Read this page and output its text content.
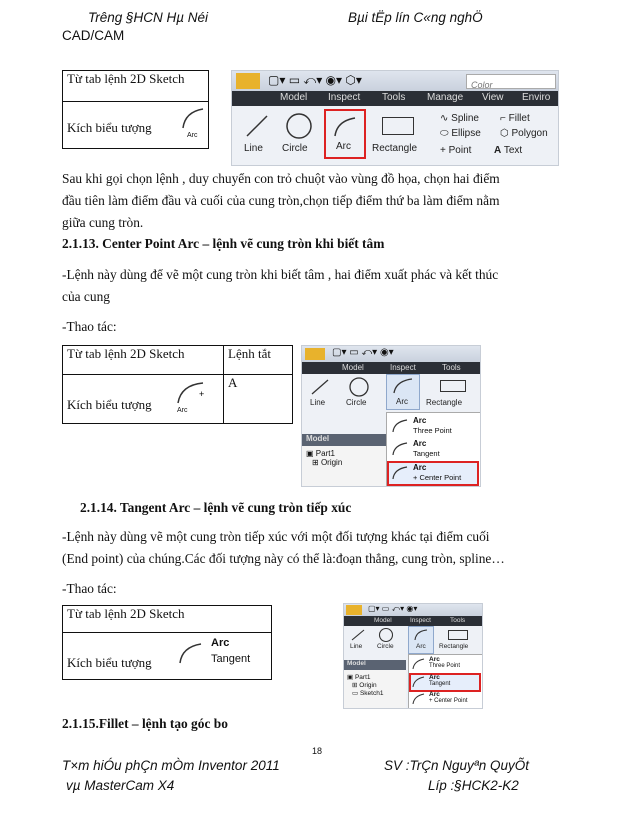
Trêng §HCN Hµ Néi
CAD/CAM
Bµi tËp lín C«ng nghÖ
Từ tab lệnh 2D Sketch

Kích biểu tượng
Arc
▢▾ ▭ ⤺▾ ◉▾ ⬡▾	Color
Model Inspect Tools Manage View Enviro
Line Circle	Arc Rectangle
∿ Spline ⌐ Fillet
⬭ Ellipse ⬡ Polygon
+ Point A Text
Sau khi gọi chọn lệnh , duy chuyển con trỏ chuột vào vùng đồ họa, chọn hai điểm
đầu tiên làm điểm đầu và cuối của cung tròn,chọn tiếp điểm thứ ba làm điểm nằm
giữa cung tròn.
2.1.13. Center Point Arc – lệnh vẽ cung tròn khi biết tâm
-Lệnh này dùng để vẽ một cung tròn khi biết tâm , hai điểm xuất phác và kết thúc
của cung
-Thao tác:
Từ tab lệnh 2D Sketch	Lệnh tắt

Kích biểu tượng
+
Arc	A
▢▾ ▭ ⤺▾ ◉▾
Model	Inspect	Tools
Line	Circle	Arc Rectangle
Model
▣ Part1
⊞ Origin
Arc
Three Point
Arc
Tangent
Arc
+ Center Point
2.1.14. Tangent Arc – lệnh vẽ cung tròn tiếp xúc
-Lệnh này dùng vẽ một cung tròn tiếp xúc với một đối tượng khác tại điểm cuối
(End point) của chúng.Các đối tượng này có thể là:đoạn thẳng, cung tròn, spline…
-Thao tác:
Từ tab lệnh 2D Sketch

Kích biểu tượng
Arc
Tangent
▢▾ ▭ ⤺▾ ◉▾
Model	Inspect	Tools
Line Circle	Arc Rectangle
Model
▣ Part1
⊞ Origin
▭ Sketch1
Arc
Three Point
Arc
Tangent
Arc
+ Center Point
2.1.15.Fillet – lệnh tạo góc bo
18
T×m hiÓu phÇn mÒm Inventor 2011
vµ MasterCam X4
SV :TrÇn Nguyªn QuyÕt
Líp :§HCK2-K2
